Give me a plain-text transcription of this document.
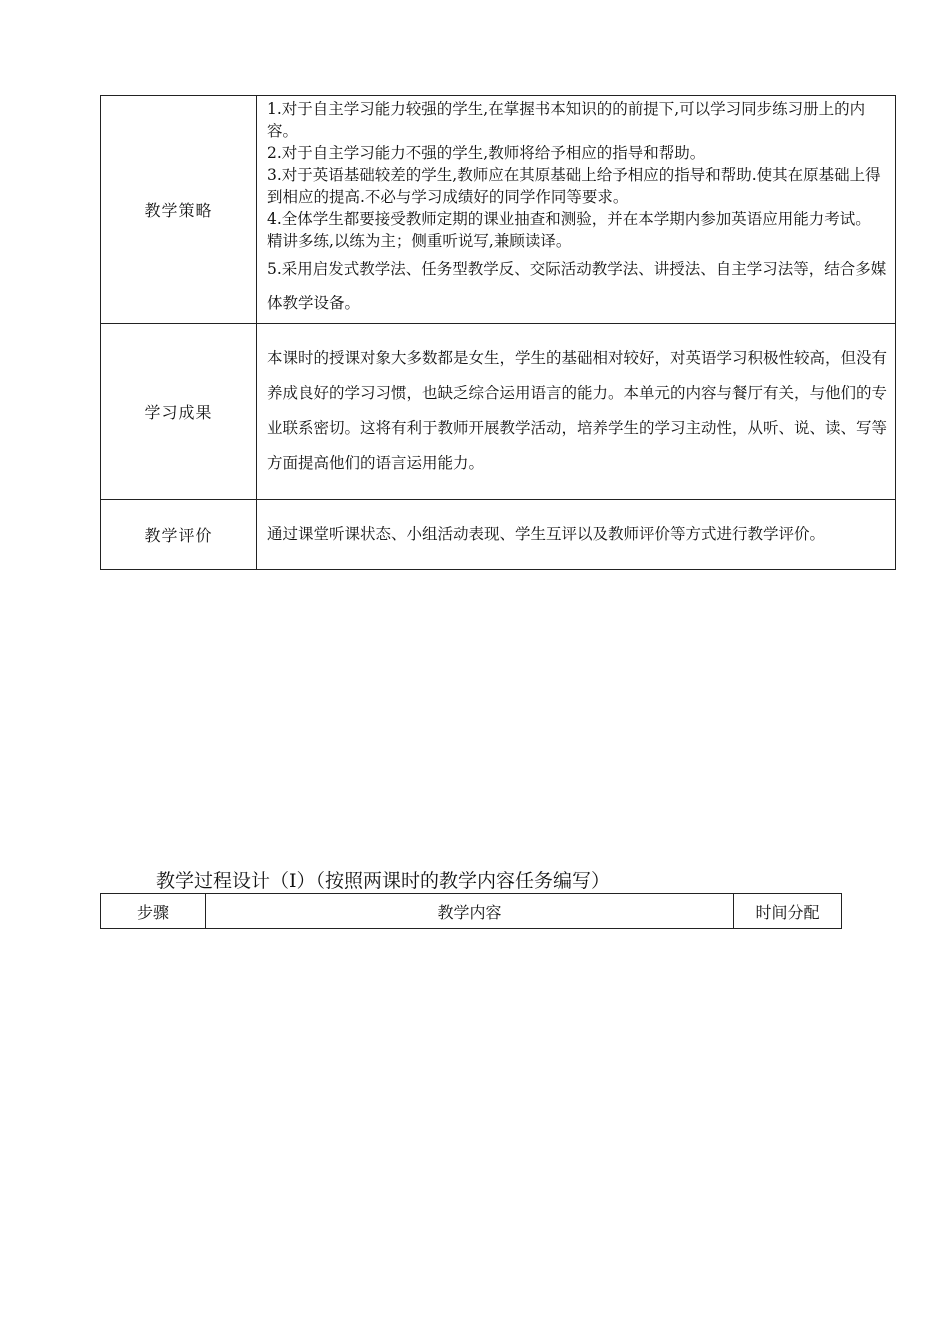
教学策略	1.对于自主学习能力较强的学生,在掌握书本知识的的前提下,可以学习同步练习册上的内容。

2.对于自主学习能力不强的学生,教师将给予相应的指导和帮助。

3.对于英语基础较差的学生,教师应在其原基础上给予相应的指导和帮助.使其在原基础上得到相应的提高.不必与学习成绩好的同学作同等要求。

4.全体学生都要接受教师定期的课业抽查和测验，并在本学期内参加英语应用能力考试。 精讲多练,以练为主；侧重听说写,兼顾读译。

5.采用启发式教学法、任务型教学反、交际活动教学法、讲授法、自主学习法等，结合多媒体教学设备。

学习成果	本课时的授课对象大多数都是女生，学生的基础相对较好，对英语学习积极性较高，但没有养成良好的学习习惯，也缺乏综合运用语言的能力。本单元的内容与餐厅有关，与他们的专业联系密切。这将有利于教师开展教学活动，培养学生的学习主动性，从听、说、读、写等方面提高他们的语言运用能力。

教学评价	通过课堂听课状态、小组活动表现、学生互评以及教师评价等方式进行教学评价。

教学过程设计（I）（按照两课时的教学内容任务编写）

步骤	教学内容	时间分配
